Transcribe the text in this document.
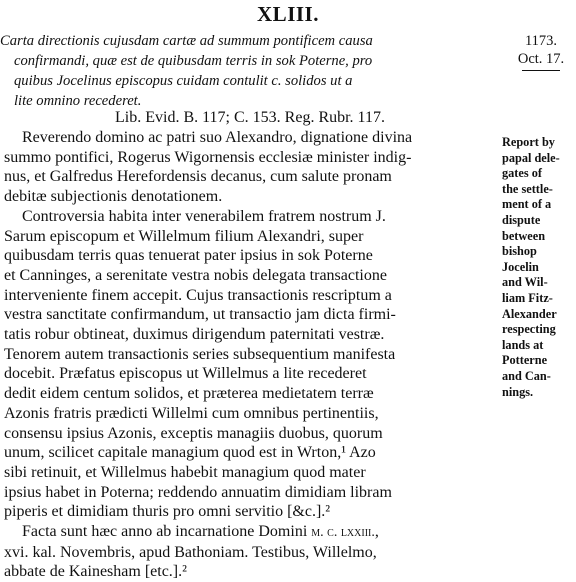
XLIII.
Carta directionis cujusdam cartæ ad summum pontificem causa
confirmandi, quæ est de quibusdam terris in sok Poterne, pro
quibus Jocelinus episcopus cuidam contulit c. solidos ut a
lite omnino recederet.
1173.
Oct. 17.
Lib. Evid. B. 117; C. 153. Reg. Rubr. 117.
Reverendo domino ac patri suo Alexandro, dignatione divina
summo pontifici, Rogerus Wigornensis ecclesiæ minister indig-
nus, et Galfredus Herefordensis decanus, cum salute pronam
debitæ subjectionis denotationem.
Controversia habita inter venerabilem fratrem nostrum J.
Sarum episcopum et Willelmum filium Alexandri, super
quibusdam terris quas tenuerat pater ipsius in sok Poterne
et Canninges, a serenitate vestra nobis delegata transactione
interveniente finem accepit. Cujus transactionis rescriptum a
vestra sanctitate confirmandum, ut transactio jam dicta firmi-
tatis robur obtineat, duximus dirigendum paternitati vestræ.
Tenorem autem transactionis series subsequentium manifesta
docebit. Præfatus episcopus ut Willelmus a lite recederet
dedit eidem centum solidos, et præterea medietatem terræ
Azonis fratris prædicti Willelmi cum omnibus pertinentiis,
consensu ipsius Azonis, exceptis managiis duobus, quorum
unum, scilicet capitale managium quod est in Wrton,¹ Azo
sibi retinuit, et Willelmus habebit managium quod mater
ipsius habet in Poterna; reddendo annuatim dimidiam libram
piperis et dimidiam thuris pro omni servitio [&c.].²
Facta sunt hæc anno ab incarnatione Domini m. c. lxxiii.,
xvi. kal. Novembris, apud Bathoniam. Testibus, Willelmo,
abbate de Kainesham [etc.].²
Report by
papal dele-
gates of
the settle-
ment of a
dispute
between
bishop
Jocelin
and Wil-
liam Fitz-
Alexander
respecting
lands at
Potterne
and Can-
nings.
